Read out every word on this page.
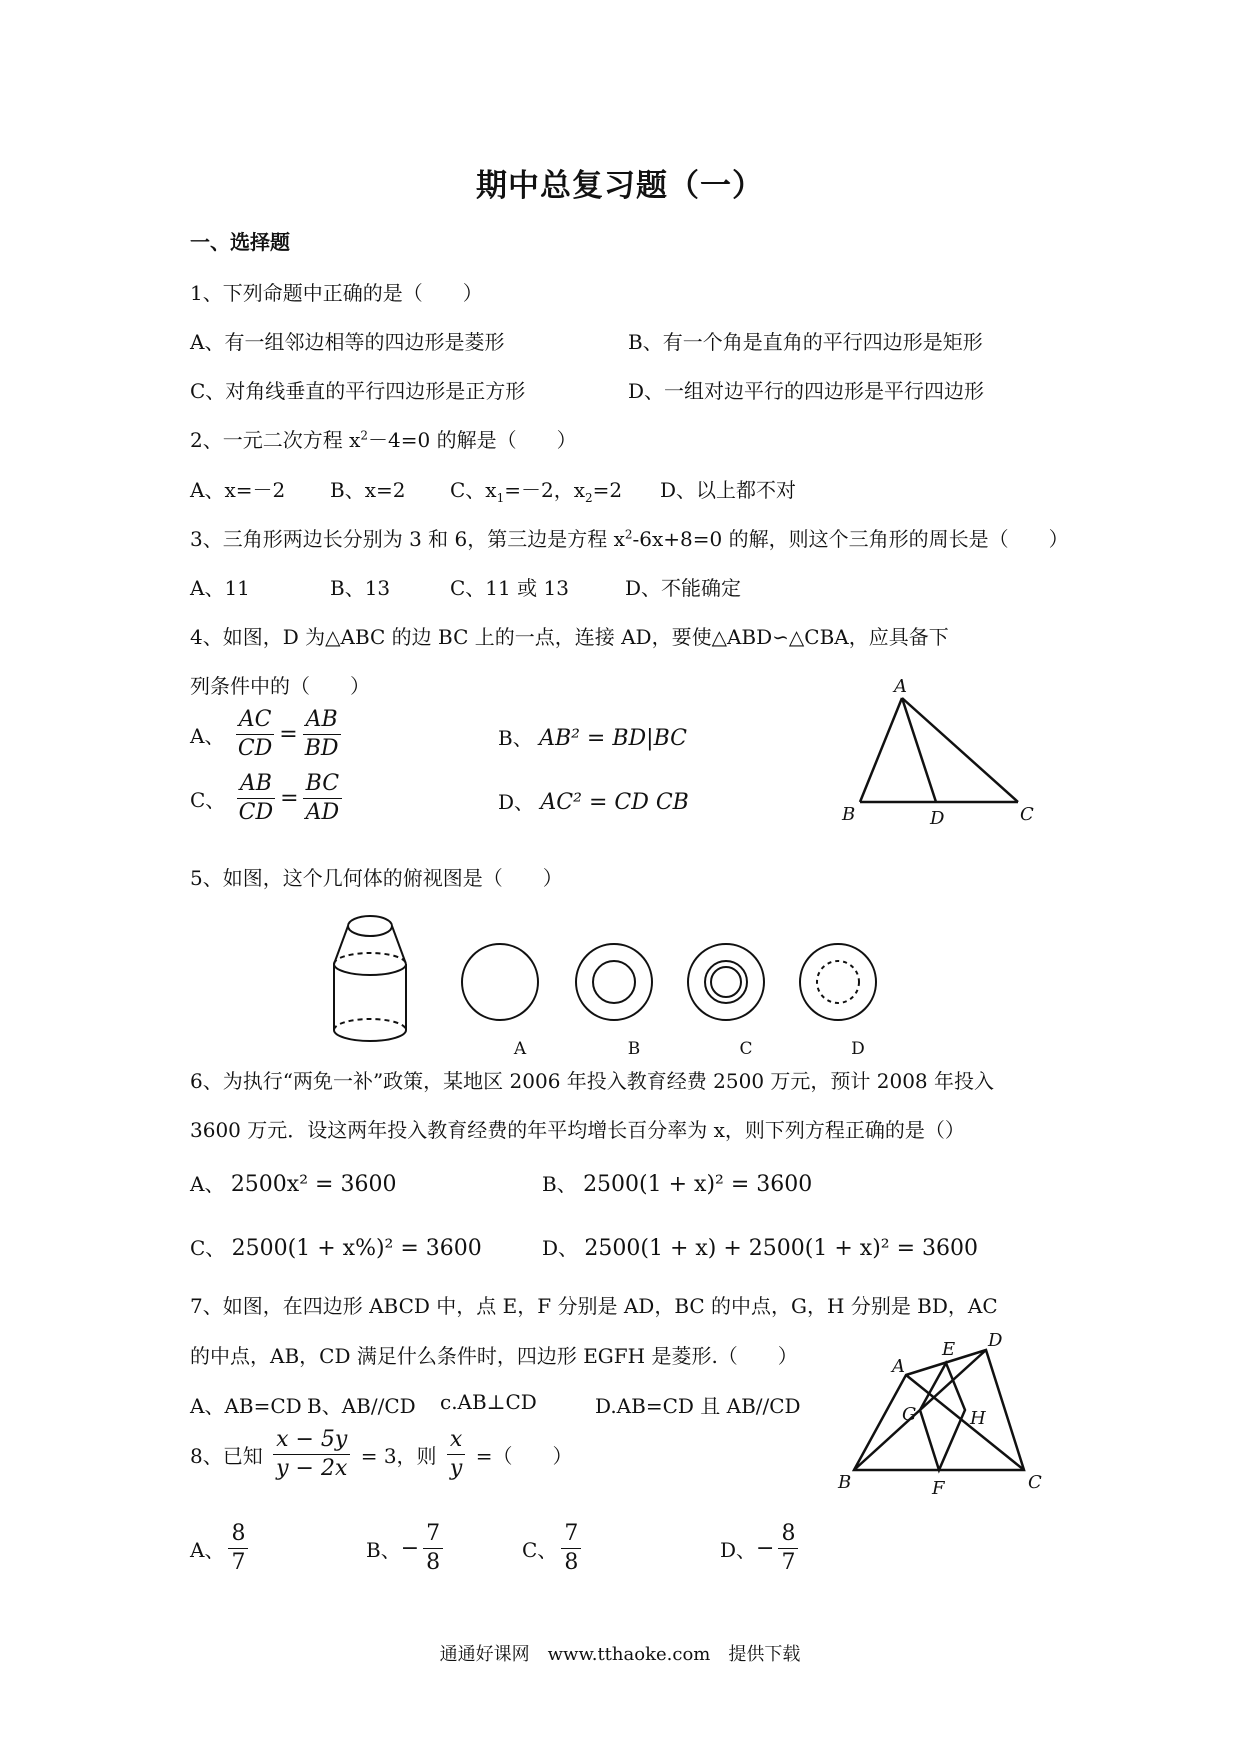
期中总复习题（一）
一、选择题
1、下列命题中正确的是（　　）
A、有一组邻边相等的四边形是菱形	B、有一个角是直角的平行四边形是矩形
C、对角线垂直的平行四边形是正方形	D、一组对边平行的四边形是平行四边形
2、一元二次方程 $x^2-4=0$ 的解是（　　）
A、x=－2 B、x=2 C、$x_1=-2$，$x_2=2$ D、以上都不对
3、三角形两边长分别为 3 和 6，第三边是方程 $x^2-6x+8=0$ 的解，则这个三角形的周长是（　　）
A、11	B、13	C、11 或 13	D、不能确定
4、如图，D 为△ABC 的边 BC 上的一点，连接 AD，要使△ABD∽△CBA，应具备下
列条件中的（　　）
A、 $\frac{AC}{CD} = \frac{AB}{BD}$	B、 AB² = BD|BC
C、 $\frac{AB}{CD} = \frac{BC}{AD}$	D、 AC² = CD CB
A
B	D	C
5、如图，这个几何体的俯视图是（　　）
A	B	C	D
6、为执行“两免一补”政策，某地区 2006 年投入教育经费 2500 万元，预计 2008 年投入
3600 万元．设这两年投入教育经费的年平均增长百分率为 x，则下列方程正确的是（）
A、 2500x² = 3600	B、 2500(1 + x)² = 3600
C、 2500(1 + x%)² = 3600	D、 2500(1 + x) + 2500(1 + x)² = 3600
7、如图，在四边形 ABCD 中，点 E，F 分别是 AD，BC 的中点，G，H 分别是 BD，AC
的中点，AB，CD 满足什么条件时，四边形 EGFH 是菱形.（　　）
A、AB=CD B、AB//CD c.AB⊥CD	D.AB=CD 且 AB//CD
A
E D
G	H
B	F	C
8、已知 $\frac{x - 5y}{y - 2x} = 3$，则 $\frac{x}{y}$ =（　　）
A、 $\frac{8}{7}$	B、− $\frac{7}{8}$	C、 $\frac{7}{8}$	D、− $\frac{8}{7}$
通通好课网　www.tthaoke.com　提供下载
